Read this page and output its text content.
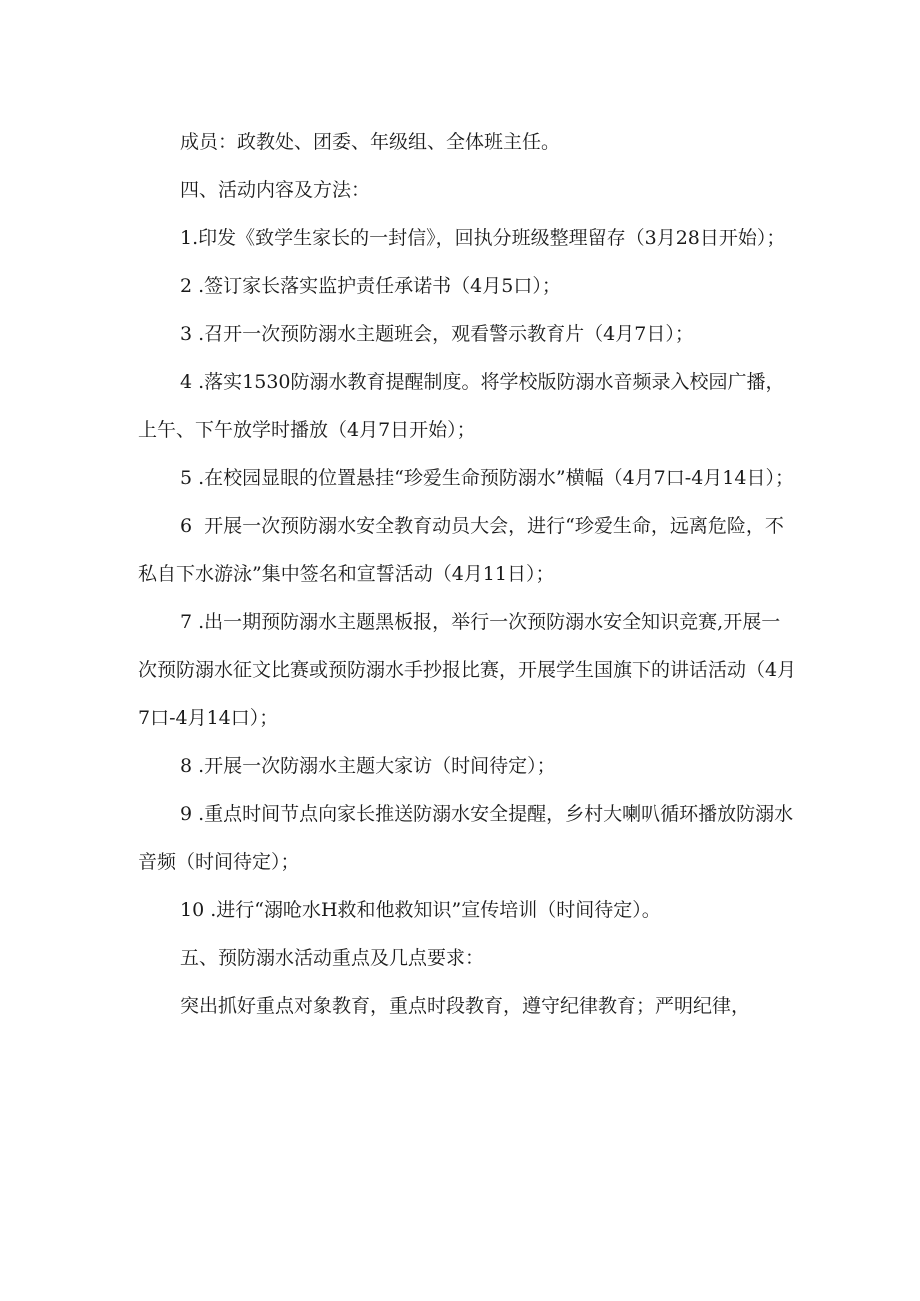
成员：政教处、团委、年级组、全体班主任。

四、活动内容及方法：

1.印发《致学生家长的一封信》，回执分班级整理留存（3月28日开始）；

2 .签订家长落实监护责任承诺书（4月5口）；

3 .召开一次预防溺水主题班会，观看警示教育片（4月7日）；

4 .落实1530防溺水教育提醒制度。将学校版防溺水音频录入校园广播，上午、下午放学时播放（4月7日开始）；

5 .在校园显眼的位置悬挂“珍爱生命预防溺水”横幅（4月7口-4月14日）；

6  开展一次预防溺水安全教育动员大会，进行“珍爱生命，远离危险，不私自下水游泳”集中签名和宣誓活动（4月11日）；

7 .出一期预防溺水主题黑板报，举行一次预防溺水安全知识竞赛,开展一次预防溺水征文比赛或预防溺水手抄报比赛，开展学生国旗下的讲话活动（4月7口-4月14口）；

8 .开展一次防溺水主题大家访（时间待定）；

9 .重点时间节点向家长推送防溺水安全提醒，乡村大喇叭循环播放防溺水音频（时间待定）；

10 .进行“溺呛水H救和他救知识”宣传培训（时间待定）。

五、预防溺水活动重点及几点要求：

突出抓好重点对象教育，重点时段教育，遵守纪律教育；严明纪律，
